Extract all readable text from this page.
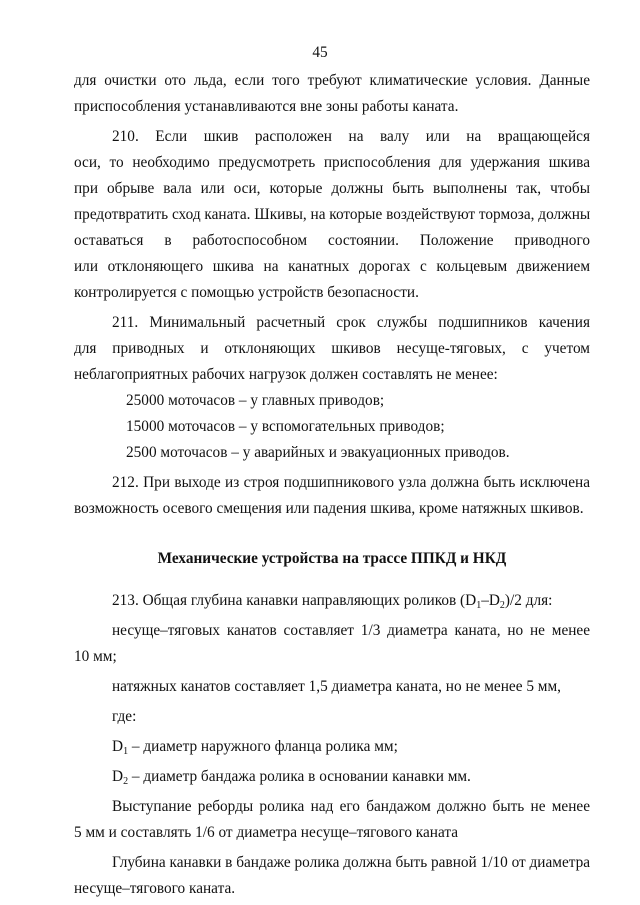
45

для очистки ото льда, если того требуют климатические условия. Данные

приспособления устанавливаются вне зоны работы каната.

210. Если шкив расположен на валу или на вращающейся

оси, то необходимо предусмотреть приспособления для удержания шкива

при обрыве вала или оси, которые должны быть выполнены так, чтобы

предотвратить сход каната. Шкивы, на которые воздействуют тормоза, должны

оставаться в работоспособном состоянии. Положение приводного

или отклоняющего шкива на канатных дорогах с кольцевым движением

контролируется с помощью устройств безопасности.

211. Минимальный расчетный срок службы подшипников качения

для приводных и отклоняющих шкивов несуще-тяговых, с учетом

неблагоприятных рабочих нагрузок должен составлять не менее:

25000 моточасов – у главных приводов;

15000 моточасов – у вспомогательных приводов;

2500 моточасов – у аварийных и эвакуационных приводов.

212. При выходе из строя подшипникового узла должна быть исключена

возможность осевого смещения или падения шкива, кроме натяжных шкивов.

Механические устройства на трассе ППКД и НКД

213. Общая глубина канавки направляющих роликов $(D_1-D_2)/2$ для:

несуще–тяговых канатов составляет 1/3 диаметра каната, но не менее

10 мм;

натяжных канатов составляет 1,5 диаметра каната, но не менее 5 мм,

где:

$D_1$ – диаметр наружного фланца ролика мм;

$D_2$ – диаметр бандажа ролика в основании канавки мм.

Выступание реборды ролика над его бандажом должно быть не менее

5 мм и составлять 1/6 от диаметра несуще–тягового каната

Глубина канавки в бандаже ролика должна быть равной 1/10 от диаметра

несуще–тягового каната.
